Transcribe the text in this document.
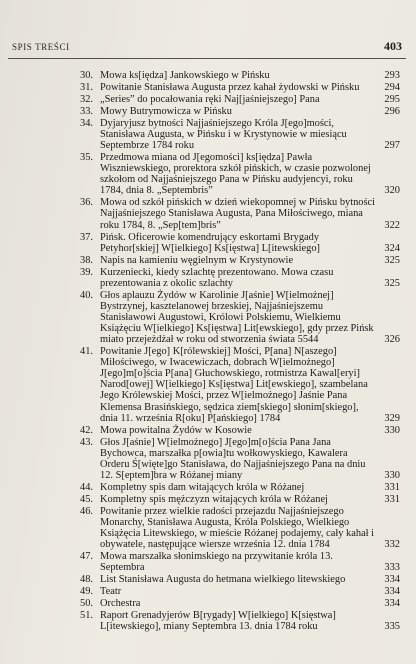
SPIS TREŚCI	403
30. Mowa ks[iędza] Jankowskiego w Pińsku	293
31. Powitanie Stanisława Augusta przez kahał żydowski w Pińsku	294
32. „Series” do pocałowania ręki Naj[jaśniejszego] Pana	295
33. Mowy Butrymowicza w Pińsku	296
34. Dyjaryjusz bytności Najjaśniejszego Króla J[ego]mości, Stanisława Augusta, w Pińsku i w Krystynowie w miesiącu Septembrze 1784 roku	297
35. Przedmowa miana od J[egomości] ks[iędza] Pawła Wiszniewskiego, prorektora szkół pińskich, w czasie pozwolonej szkołom od Najjaśniejszego Pana w Pińsku audyjencyi, roku 1784, dnia 8. „Septembris”	320
36. Mowa od szkół pińskich w dzień wiekopomnej w Pińsku bytności Najjaśniejszego Stanisława Augusta, Pana Miłościwego, miana roku 1784, 8. „Sep[tem]bris”	322
37. Pińsk. Oficerowie komendrujący eskortami Brygady Petyhor[skiej] W[ielkiego] Ks[ięstwa] L[itewskiego]	324
38. Napis na kamieniu węgielnym w Krystynowie	325
39. Kurzeniecki, kiedy szlachtę prezentowano. Mowa czasu prezentowania z okolic szlachty	325
40. Głos aplauzu Żydów w Karolinie J[aśnie] W[ielmożnej] Bystrzynej, kasztelanowej brzeskiej, Najjaśniejszemu Stanisławowi Augustowi, Królowi Polskiemu, Wielkiemu Książęciu W[ielkiego] Ks[ięstwa] Lit[ewskiego], gdy przez Pińsk miato przejeżdżał w roku od stworzenia świata 5544	326
41. Powitanie J[ego] K[rólewskiej] Mości, P[ana] N[aszego] Miłościwego, w Iwacewiczach, dobrach W[ielmożnego] J[ego]m[o]ścia P[ana] Głuchowskiego, rotmistrza Kawal[eryi] Narod[owej] W[ielkiego] Ks[ięstwa] Lit[ewskiego], szambelana Jego Królewskiej Mości, przez W[ielmożnego] Jaśnie Pana Klemensa Brasińskiego, sędzica ziem[skiego] słonim[skiego], dnia 11. września R[oku] P[ańskiego] 1784	329
42. Mowa powitalna Żydów w Kosowie	330
43. Głos J[aśnie] W[ielmożnego] J[ego]m[o]ścia Pana Jana Bychowca, marszałka p[owia]tu wołkowyskiego, Kawalera Orderu Ś[więte]go Stanisława, do Najjaśniejszego Pana na dniu 12. S[eptem]bra w Różanej miany	330
44. Kompletny spis dam witających króla w Różanej	331
45. Kompletny spis mężczyzn witających króla w Różanej	331
46. Powitanie przez wielkie radości przejazdu Najjaśniejszego Monarchy, Stanisława Augusta, Króla Polskiego, Wielkiego Książęcia Litewskiego, w mieście Różanej podajemy, cały kahał i obywatele, następujące wiersze września 12. dnia 1784	332
47. Mowa marszałka słonimskiego na przywitanie króla 13. Septembra	333
48. List Stanisława Augusta do hetmana wielkiego litewskiego	334
49. Teatr	334
50. Orchestra	334
51. Raport Grenadyjerów B[rygady] W[ielkiego] K[sięstwa] L[itewskiego], miany Septembra 13. dnia 1784 roku	335
